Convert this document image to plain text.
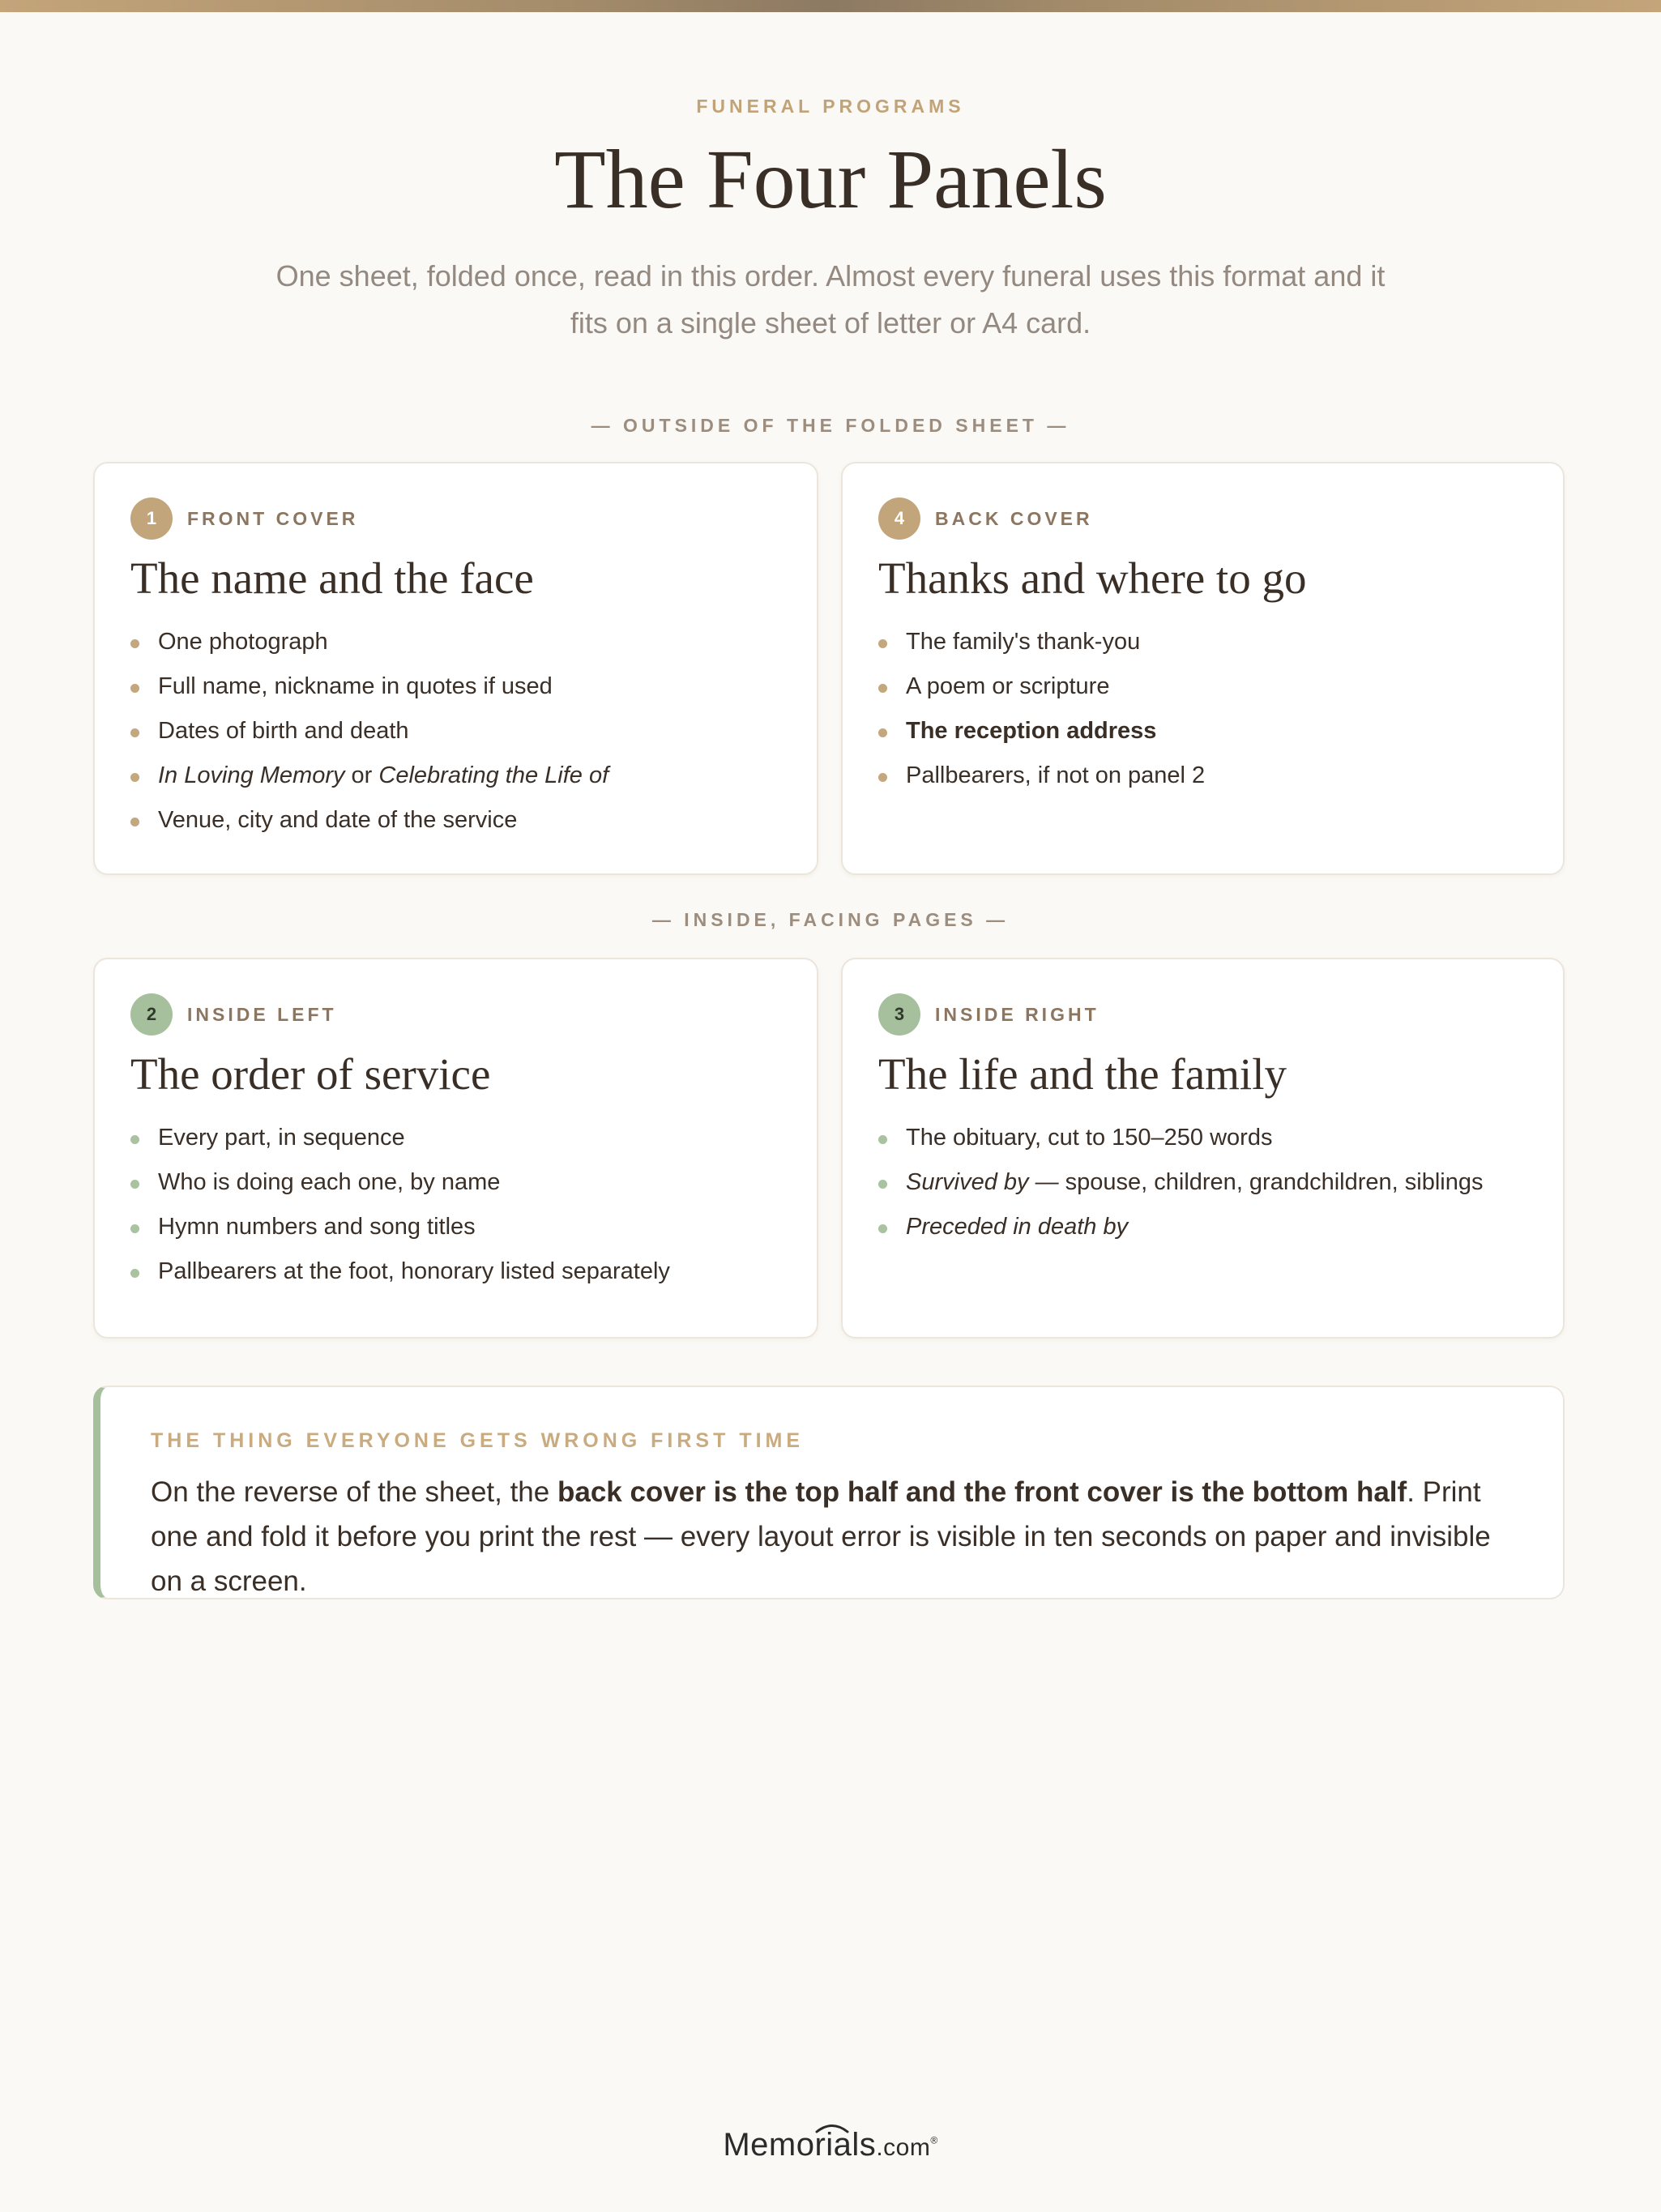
FUNERAL PROGRAMS
The Four Panels
One sheet, folded once, read in this order. Almost every funeral uses this format and it fits on a single sheet of letter or A4 card.
— OUTSIDE OF THE FOLDED SHEET —
1	FRONT COVER
The name and the face
One photograph
Full name, nickname in quotes if used
Dates of birth and death
In Loving Memory or Celebrating the Life of
Venue, city and date of the service
4	BACK COVER
Thanks and where to go
The family's thank-you
A poem or scripture
The reception address
Pallbearers, if not on panel 2
— INSIDE, FACING PAGES —
2	INSIDE LEFT
The order of service
Every part, in sequence
Who is doing each one, by name
Hymn numbers and song titles
Pallbearers at the foot, honorary listed separately
3	INSIDE RIGHT
The life and the family
The obituary, cut to 150–250 words
Survived by — spouse, children, grandchildren, siblings
Preceded in death by
THE THING EVERYONE GETS WRONG FIRST TIME
On the reverse of the sheet, the back cover is the top half and the front cover is the bottom half. Print one and fold it before you print the rest — every layout error is visible in ten seconds on paper and invisible on a screen.
Memorials.com®
